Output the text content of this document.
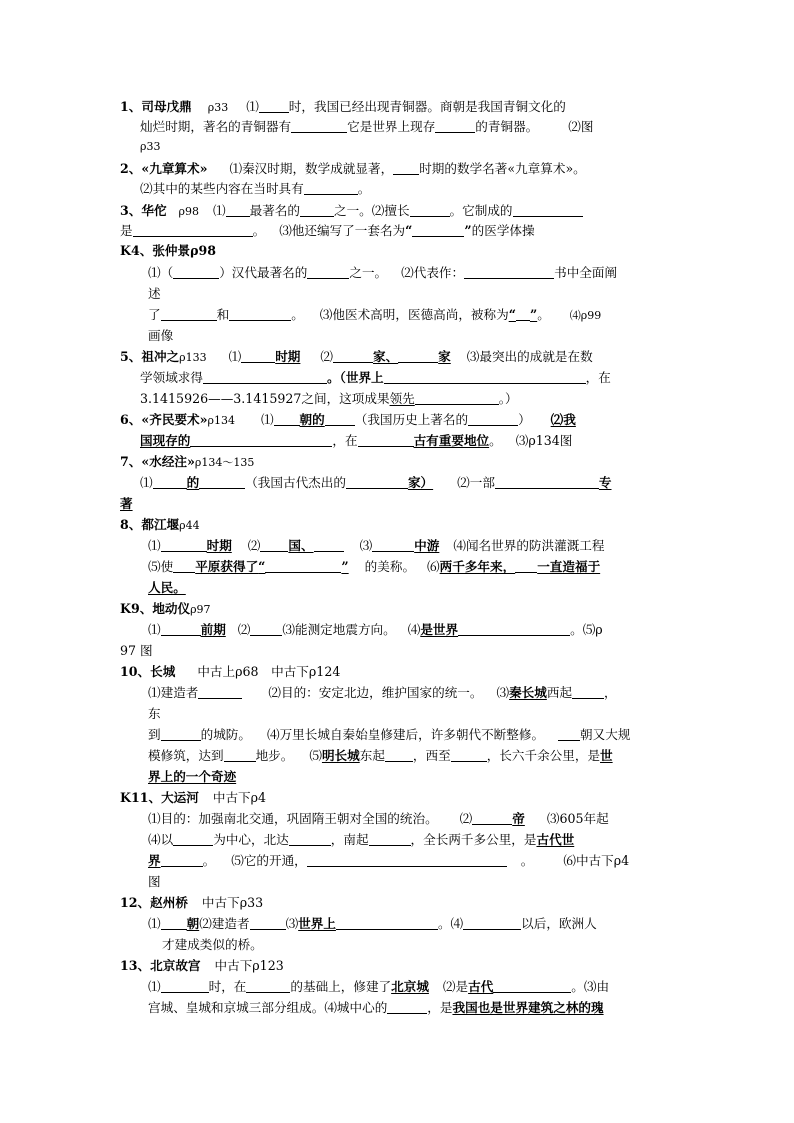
1、司母戊鼎 ρ33 ⑴ 时，我国已经出现青铜器。商朝是我国青铜文化的
灿烂时期，著名的青铜器有	它是世界上现存	的青铜器。 ⑵图
ρ33
2、«九章算术» ⑴秦汉时期，数学成就显著， 时期的数学名著«九章算术»。
⑵其中的某些内容在当时具有	。
3、华佗 ρ98 ⑴ 最著名的	之一。⑵擅长	。它制成的
是	。 ⑶他还编写了一套名为“	”的医学体操
K4、张仲景ρ98
⑴（	）汉代最著名的	之一。 ⑵代表作：	书中全面阐
述
了	和	。 ⑶他医术高明，医德高尚，被称为“ ”。 ⑷ρ99
画像
5、祖冲之ρ133 ⑴	时期 ⑵	家、	家 ⑶最突出的成就是在数
学领域求得	。（世界上	，在
3.1415926——3.1415927之间，这项成果领先	。）
6、«齐民要术»ρ134 ⑴ 朝的 （我国历史上著名的	） ⑵我
国现存的	，在	古有重要地位。 ⑶ρ134图
7、«水经注»ρ134～135
⑴	的	（我国古代杰出的	家） ⑵一部	专
著
8、都江堰ρ44
⑴	时期 ⑵ 国、	⑶	中游 ⑷闻名世界的防洪灌溉工程
⑸使 平原获得了“	” 的美称。 ⑹两千多年来， 一直造福于
人民。
K9、地动仪ρ97
⑴	前期 ⑵	⑶能测定地震方向。 ⑷是世界	。⑸ρ
97 图
10、长城 中古上ρ68　中古下ρ124
⑴建造者	⑵目的：安定北边，维护国家的统一。 ⑶秦长城西起	，
东
到	的城防。 ⑷万里长城自秦始皇修建后，许多朝代不断整修。	朝又大规
模修筑，达到	地步。 ⑸明长城东起 ，西至	，长六千余公里，是世
界上的一个奇迹
K11、大运河 中古下ρ4
⑴目的：加强南北交通，巩固隋王朝对全国的统治。 ⑵	帝 ⑶605年起
⑷以	为中心，北达	，南起	，全长两千多公里，是古代世
界	。 ⑸它的开通，	。 ⑹中古下ρ4
图
12、赵州桥 中古下ρ33
⑴ 朝⑵建造者	⑶世界上	。⑷	以后，欧洲人
才建成类似的桥。
13、北京故宫 中古下ρ123
⑴	时，在	的基础上，修建了北京城 ⑵是古代	。⑶由
宫城、皇城和京城三部分组成。⑷城中心的	，是我国也是世界建筑之林的瑰
